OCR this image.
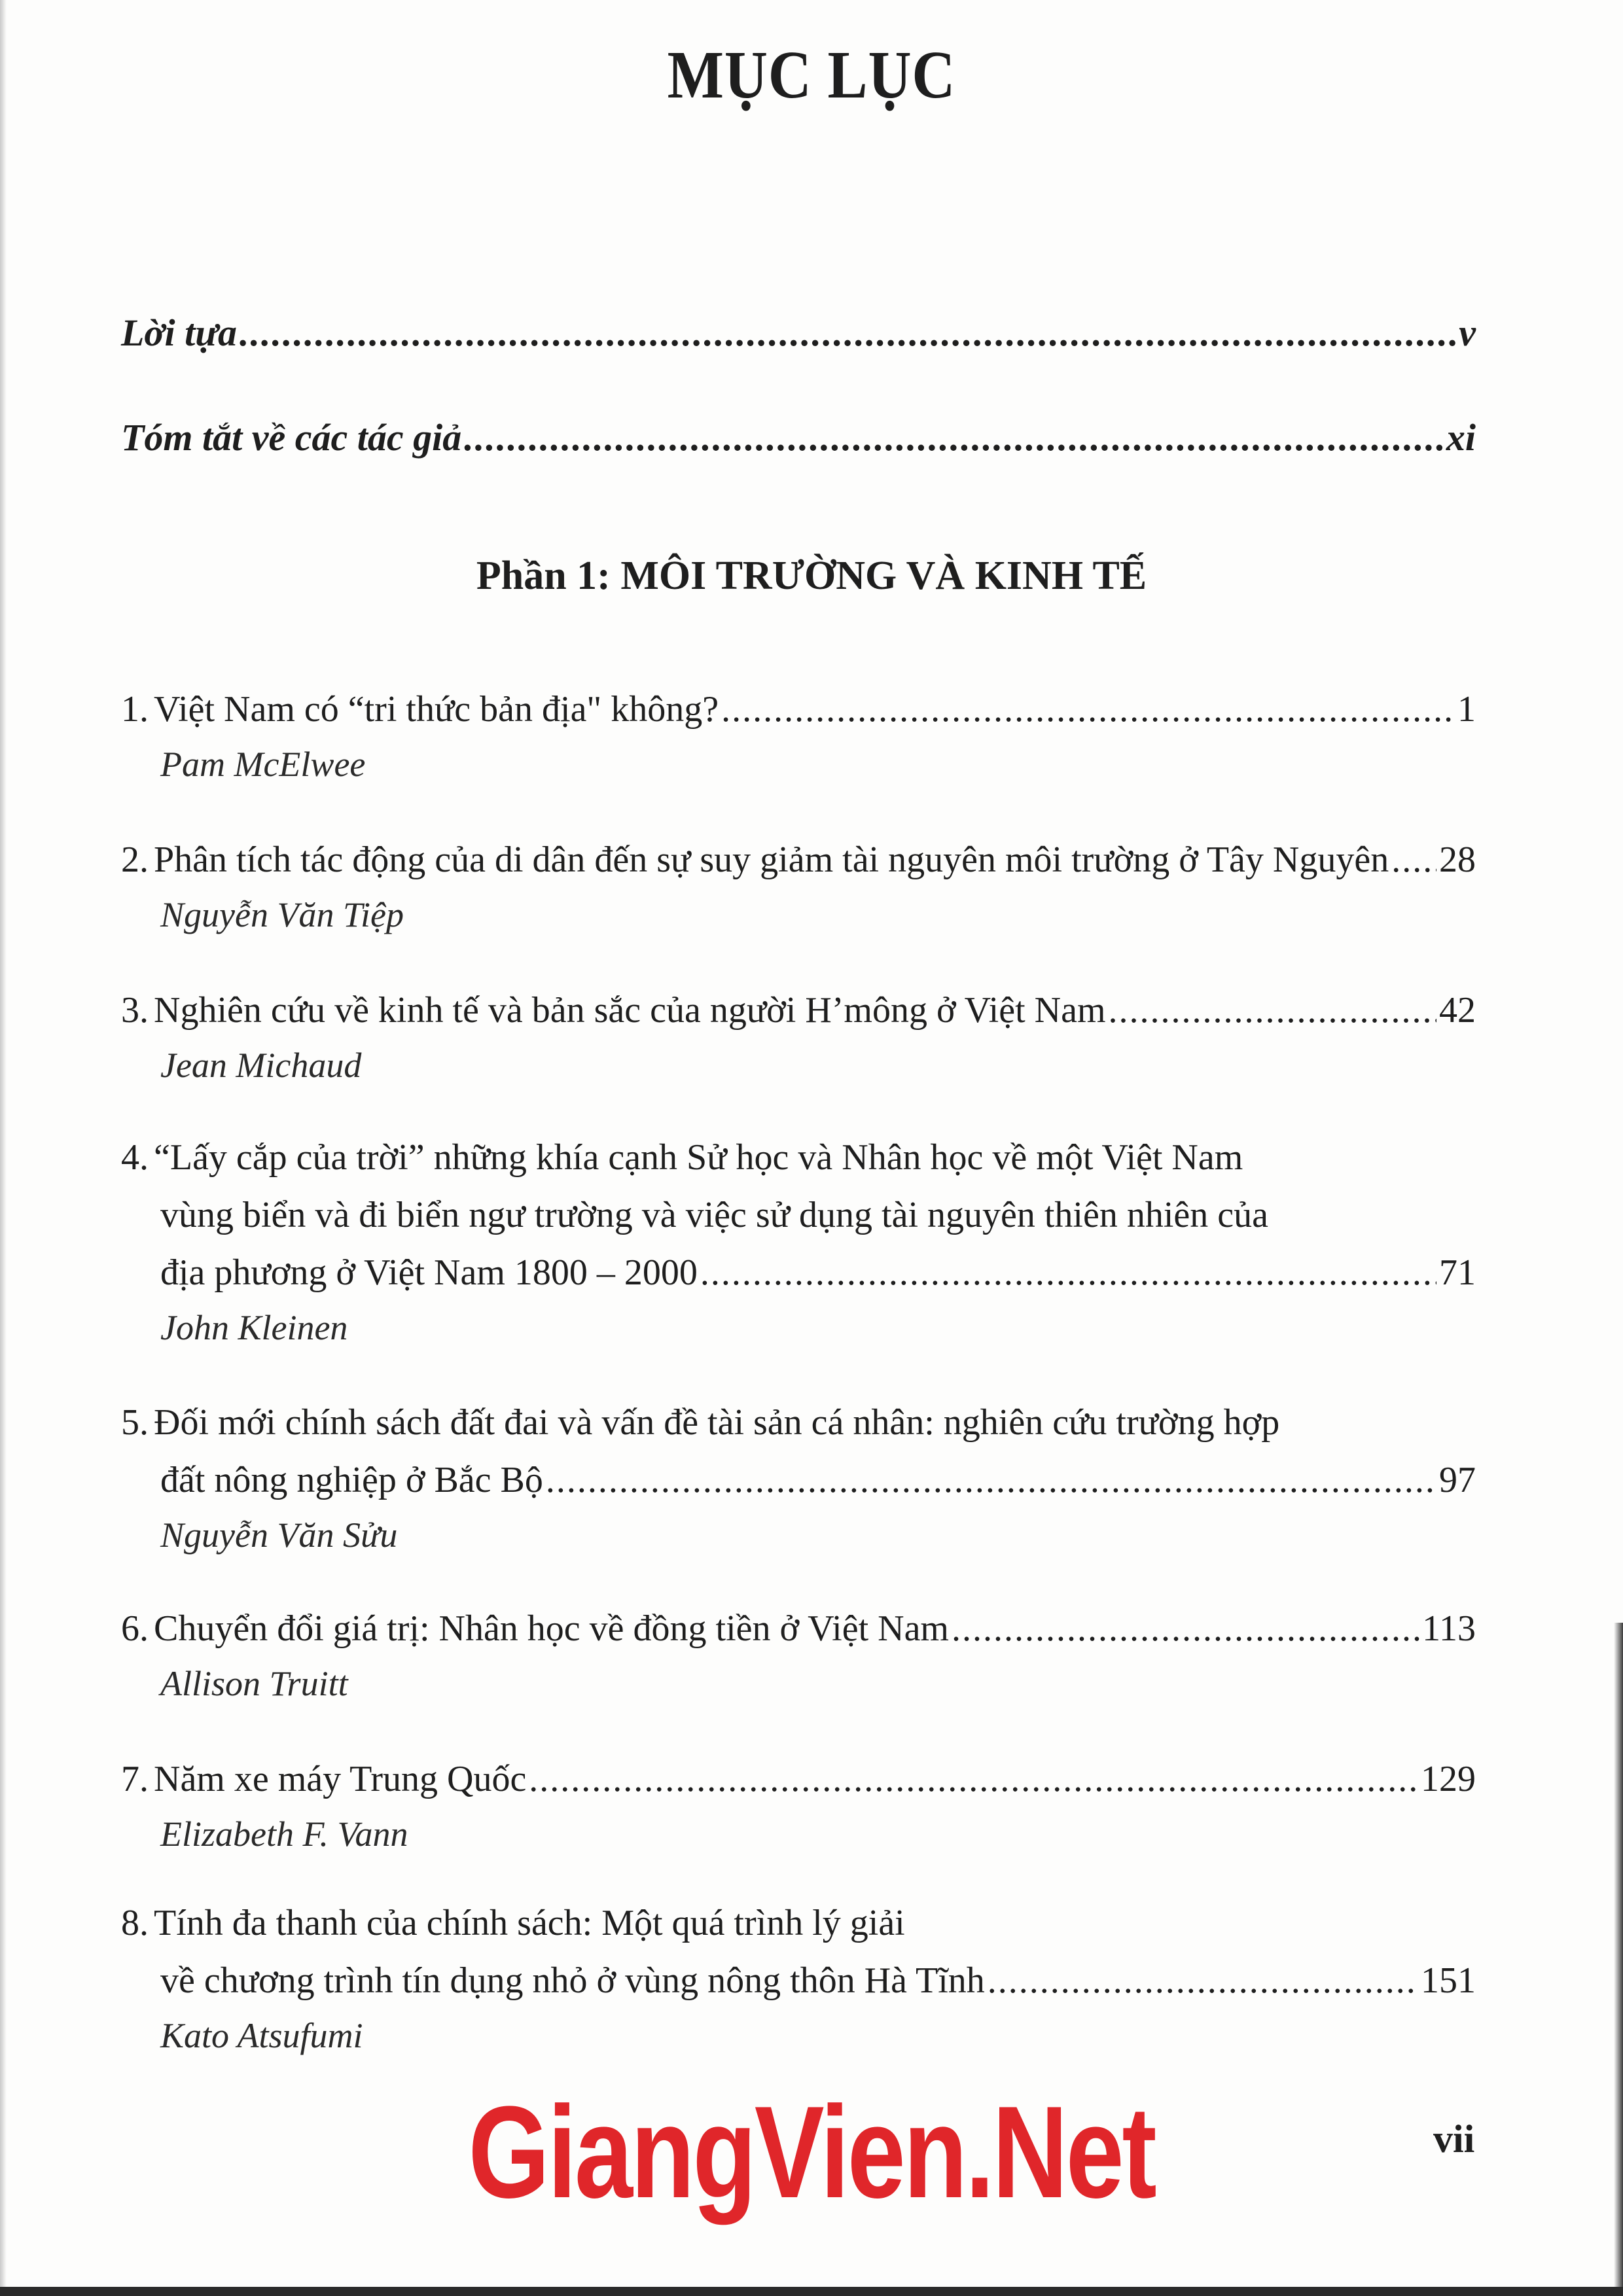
MỤC LỤC
Lời tựa .....	v
Tóm tắt về các tác giả .....	xi
Phần 1: MÔI TRƯỜNG VÀ KINH TẾ
1. Việt Nam có “tri thức bản địa" không? .....	1
Pam McElwee
2. Phân tích tác động của di dân đến sự suy giảm tài nguyên môi trường ở Tây Nguyên ..... 28
Nguyễn Văn Tiệp
3. Nghiên cứu về kinh tế và bản sắc của người H’mông ở Việt Nam .....	42
Jean Michaud
4. “Lấy cắp của trời” những khía cạnh Sử học và Nhân học về một Việt Nam
vùng biển và đi biển ngư trường và việc sử dụng tài nguyên thiên nhiên của
địa phương ở Việt Nam 1800 – 2000 .....	71
John Kleinen
5. Đối mới chính sách đất đai và vấn đề tài sản cá nhân: nghiên cứu trường hợp
đất nông nghiệp ở Bắc Bộ .....	97
Nguyễn Văn Sửu
6. Chuyển đổi giá trị: Nhân học về đồng tiền ở Việt Nam .....	113
Allison Truitt
7. Năm xe máy Trung Quốc .....	129
Elizabeth F. Vann
8. Tính đa thanh của chính sách: Một quá trình lý giải
về chương trình tín dụng nhỏ ở vùng nông thôn Hà Tĩnh .....	151
Kato Atsufumi
GiangVien.Net	vii
